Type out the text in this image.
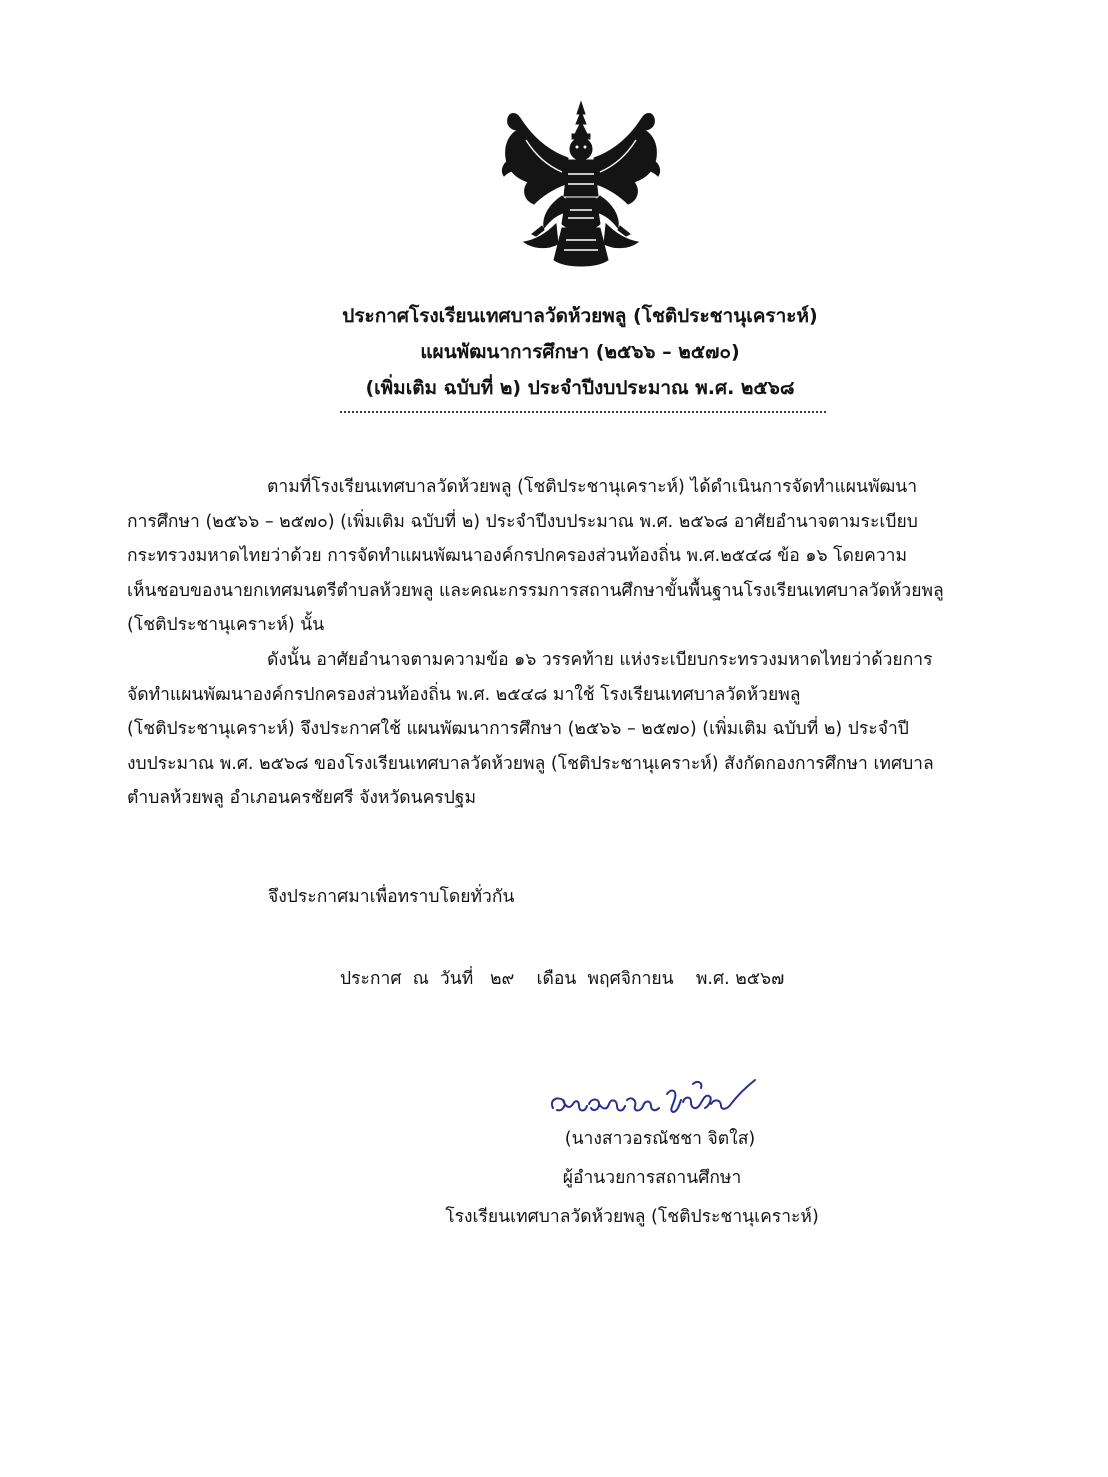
ประกาศโรงเรียนเทศบาลวัดห้วยพลู (โชติประชานุเคราะห์)
แผนพัฒนาการศึกษา (๒๕๖๖ – ๒๕๗๐)
(เพิ่มเติม ฉบับที่ ๒) ประจำปีงบประมาณ พ.ศ. ๒๕๖๘
ตามที่โรงเรียนเทศบาลวัดห้วยพลู (โชติประชานุเคราะห์) ได้ดำเนินการจัดทำแผนพัฒนา
การศึกษา (๒๕๖๖ – ๒๕๗๐) (เพิ่มเติม ฉบับที่ ๒) ประจำปีงบประมาณ พ.ศ. ๒๕๖๘ อาศัยอำนาจตามระเบียบ
กระทรวงมหาดไทยว่าด้วย การจัดทำแผนพัฒนาองค์กรปกครองส่วนท้องถิ่น พ.ศ.๒๕๔๘ ข้อ ๑๖ โดยความ
เห็นชอบของนายกเทศมนตรีตำบลห้วยพลู และคณะกรรมการสถานศึกษาขั้นพื้นฐานโรงเรียนเทศบาลวัดห้วยพลู
(โชติประชานุเคราะห์) นั้น
ดังนั้น อาศัยอำนาจตามความข้อ ๑๖ วรรคท้าย แห่งระเบียบกระทรวงมหาดไทยว่าด้วยการ
จัดทำแผนพัฒนาองค์กรปกครองส่วนท้องถิ่น พ.ศ. ๒๕๔๘ มาใช้ โรงเรียนเทศบาลวัดห้วยพลู
(โชติประชานุเคราะห์) จึงประกาศใช้ แผนพัฒนาการศึกษา (๒๕๖๖ – ๒๕๗๐) (เพิ่มเติม ฉบับที่ ๒) ประจำปี
งบประมาณ พ.ศ. ๒๕๖๘ ของโรงเรียนเทศบาลวัดห้วยพลู (โชติประชานุเคราะห์) สังกัดกองการศึกษา เทศบาล
ตำบลห้วยพลู อำเภอนครชัยศรี จังหวัดนครปฐม
จึงประกาศมาเพื่อทราบโดยทั่วกัน
ประกาศ  ณ  วันที่   ๒๙    เดือน  พฤศจิกายน    พ.ศ. ๒๕๖๗
(นางสาวอรณัชชา จิตใส)
ผู้อำนวยการสถานศึกษา
โรงเรียนเทศบาลวัดห้วยพลู (โชติประชานุเคราะห์)
